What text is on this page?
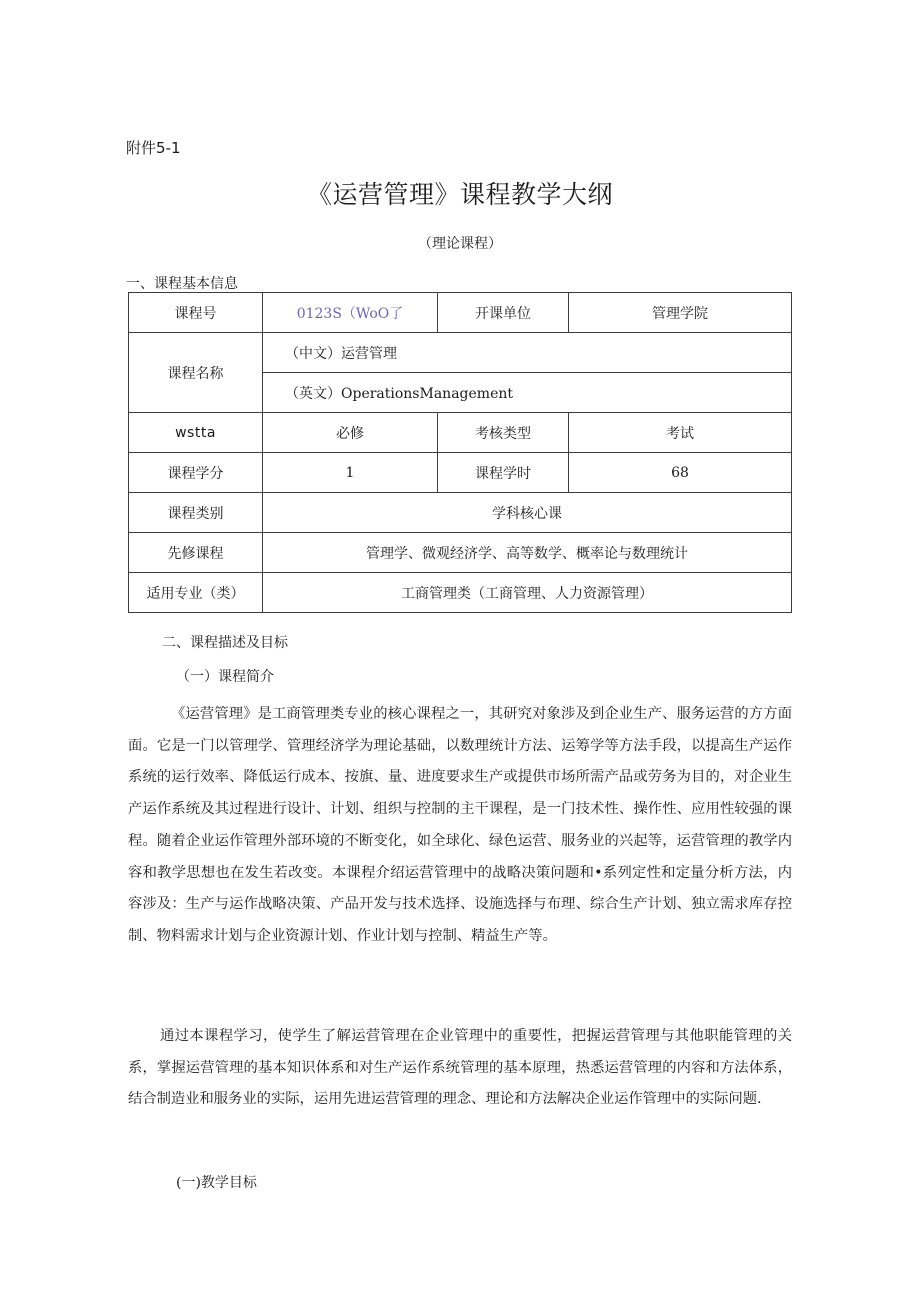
附件5-1
《运营管理》课程教学大纲
（理论课程）
一、课程基本信息
课程号	0123S（WoO了	开课单位	管理学院
课程名称	（中文）运营管理		
	（英文）OperationsManagement		
wstta	必修	考核类型	考试
课程学分	1	课程学时	68
课程类别	学科核心课		
先修课程	管理学、微观经济学、高等数学、概率论与数理统计		
适用专业（类）	工商管理类（工商管理、人力资源管理）		
二、课程描述及目标
（一）课程简介

《运营管理》是工商管理类专业的核心课程之一，其研究对象涉及到企业生产、服务运营的方方面面。它是一门以管理学、管理经济学为理论基础，以数理统计方法、运筹学等方法手段，以提高生产运作系统的运行效率、降低运行成本、按旗、量、进度要求生产或提供市场所需产品或劳务为目的，对企业生产运作系统及其过程进行设计、计划、组织与控制的主干课程，是一门技术性、操作性、应用性较强的课程。随着企业运作管理外部环境的不断变化，如全球化、绿色运营、服务业的兴起等，运营管理的教学内容和教学思想也在发生若改变。本课程介绍运营管理中的战略决策问题和•系列定性和定量分析方法，内容涉及：生产与运作战略决策、产品开发与技术选择、设施选择与布理、综合生产计划、独立需求库存控制、物料需求计划与企业资源计划、作业计划与控制、精益生产等。

通过本课程学习，使学生了解运营管理在企业管理中的重要性，把握运营管理与其他职能管理的关系，掌握运营管理的基本知识体系和对生产运作系统管理的基本原理，热悉运营管理的内容和方法体系，结合制造业和服务业的实际，运用先进运营管理的理念、理论和方法解决企业运作管理中的实际问题.

(一)教学目标
